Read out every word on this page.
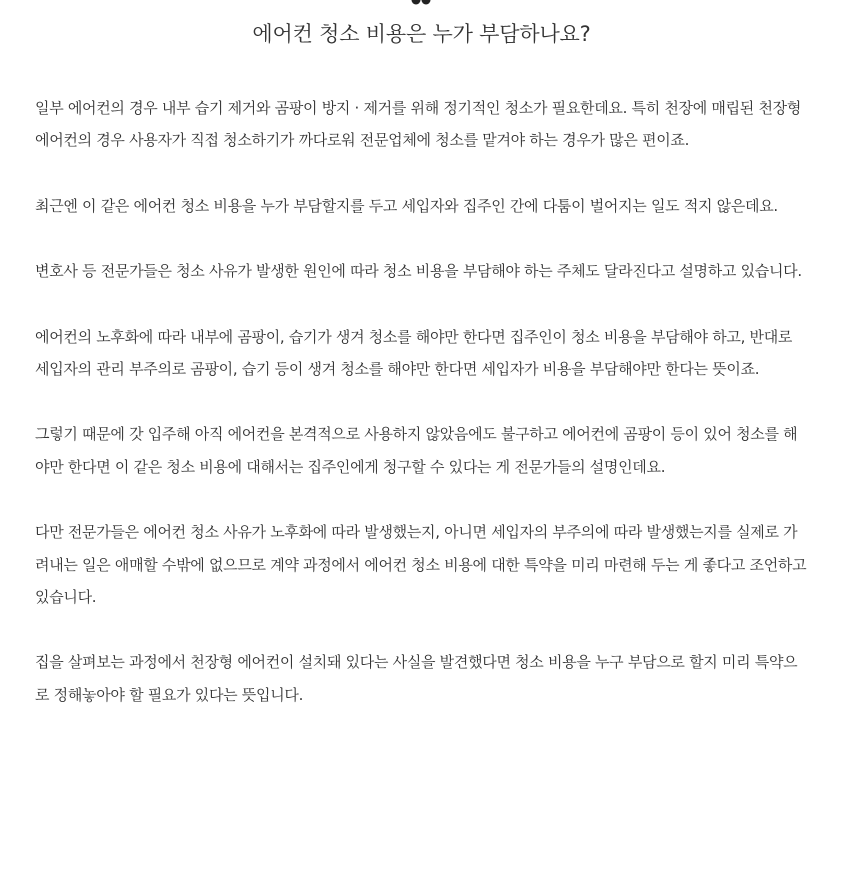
에어컨 청소 비용은 누가 부담하나요?

일부 에어컨의 경우 내부 습기 제거와 곰팡이 방지 · 제거를 위해 정기적인 청소가 필요한데요. 특히 천장에 매립된 천장형 에어컨의 경우 사용자가 직접 청소하기가 까다로워 전문업체에 청소를 맡겨야 하는 경우가 많은 편이죠.

최근엔 이 같은 에어컨 청소 비용을 누가 부담할지를 두고 세입자와 집주인 간에 다툼이 벌어지는 일도 적지 않은데요.

변호사 등 전문가들은 청소 사유가 발생한 원인에 따라 청소 비용을 부담해야 하는 주체도 달라진다고 설명하고 있습니다.

에어컨의 노후화에 따라 내부에 곰팡이, 습기가 생겨 청소를 해야만 한다면 집주인이 청소 비용을 부담해야 하고, 반대로 세입자의 관리 부주의로 곰팡이, 습기 등이 생겨 청소를 해야만 한다면 세입자가 비용을 부담해야만 한다는 뜻이죠.

그렇기 때문에 갓 입주해 아직 에어컨을 본격적으로 사용하지 않았음에도 불구하고 에어컨에 곰팡이 등이 있어 청소를 해야만 한다면 이 같은 청소 비용에 대해서는 집주인에게 청구할 수 있다는 게 전문가들의 설명인데요.

다만 전문가들은 에어컨 청소 사유가 노후화에 따라 발생했는지, 아니면 세입자의 부주의에 따라 발생했는지를 실제로 가려내는 일은 애매할 수밖에 없으므로 계약 과정에서 에어컨 청소 비용에 대한 특약을 미리 마련해 두는 게 좋다고 조언하고 있습니다.

집을 살펴보는 과정에서 천장형 에어컨이 설치돼 있다는 사실을 발견했다면 청소 비용을 누구 부담으로 할지 미리 특약으로 정해놓아야 할 필요가 있다는 뜻입니다.
